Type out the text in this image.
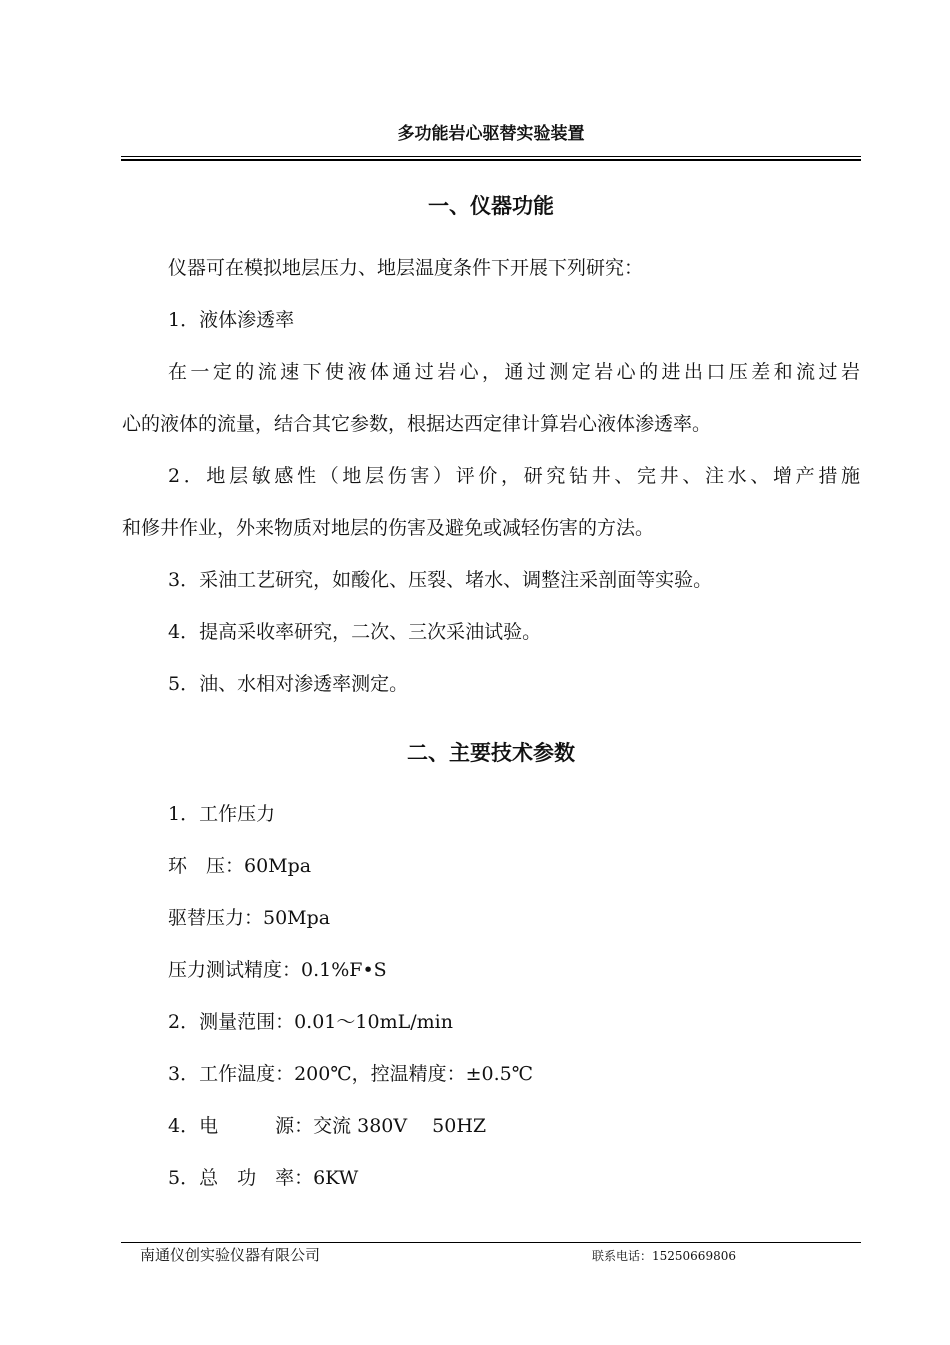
多功能岩心驱替实验装置
一、仪器功能
仪器可在模拟地层压力、地层温度条件下开展下列研究：
1．液体渗透率
在一定的流速下使液体通过岩心，通过测定岩心的进出口压差和流过岩
心的液体的流量，结合其它参数，根据达西定律计算岩心液体渗透率。
2．地层敏感性（地层伤害）评价，研究钻井、完井、注水、增产措施
和修井作业，外来物质对地层的伤害及避免或减轻伤害的方法。
3．采油工艺研究，如酸化、压裂、堵水、调整注采剖面等实验。
4．提高采收率研究，二次、三次采油试验。
5．油、水相对渗透率测定。
二、主要技术参数
1．工作压力
环压：60Mpa
驱替压力：50Mpa
压力测试精度：0.1%F•S
2．测量范围：0.01～10mL/min
3．工作温度：200℃，控温精度：±0.5℃
4．电源：交流 380V　 50HZ
5．总功率：6KW
南通仪创实验仪器有限公司	联系电话：15250669806
